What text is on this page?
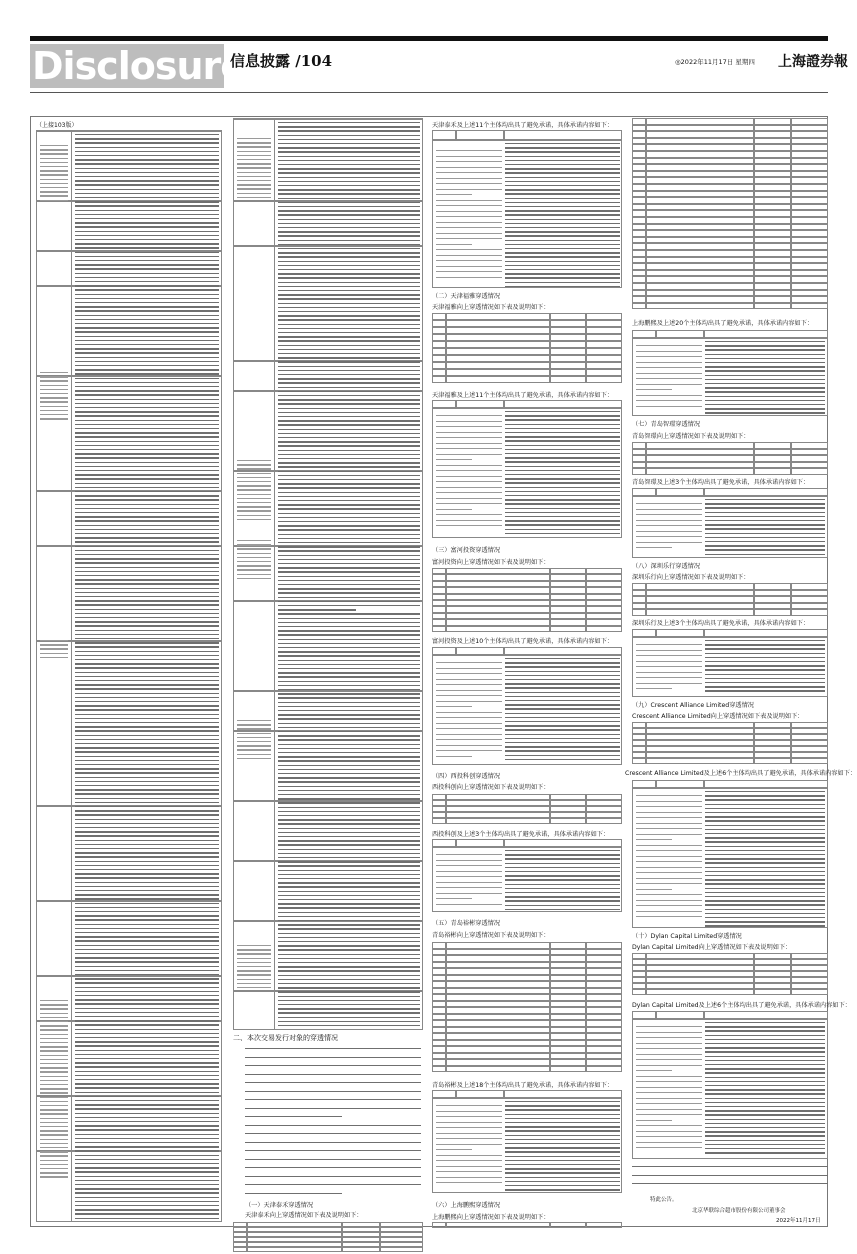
Disclosure
信息披露 /104	◎2022年11月17日 星期四 上海證券報
（上接103版）
二、本次交易发行对象的穿透情况
（一）天津泰禾穿透情况
天津泰禾向上穿透情况如下表及说明如下：
天津泰禾及上述11个主体均出具了避免承诺，具体承诺内容如下：
（二）天津福雅穿透情况
天津福雅向上穿透情况如下表及说明如下：
天津福雅及上述11个主体均出具了避免承诺，具体承诺内容如下：
（三）富河投资穿透情况
富河投资向上穿透情况如下表及说明如下：
富河投资及上述10个主体均出具了避免承诺，具体承诺内容如下：
（四）西投科创穿透情况
西投科创向上穿透情况如下表及说明如下：
西投科创及上述3个主体均出具了避免承诺，具体承诺内容如下：
（五）青岛裕彬穿透情况
青岛裕彬向上穿透情况如下表及说明如下：
青岛裕彬及上述18个主体均出具了避免承诺，具体承诺内容如下：
（六）上海鹏熙穿透情况
上海鹏熙向上穿透情况如下表及说明如下：
上海鹏熙及上述20个主体均出具了避免承诺，具体承诺内容如下：
（七）青岛智璟穿透情况
青岛智璟向上穿透情况如下表及说明如下：
青岛智璟及上述3个主体均出具了避免承诺，具体承诺内容如下：
（八）深圳乐行穿透情况
深圳乐行向上穿透情况如下表及说明如下：
深圳乐行及上述3个主体均出具了避免承诺，具体承诺内容如下：
（九）Crescent Alliance Limited穿透情况
Crescent Alliance Limited向上穿透情况如下表及说明如下：
Crescent Alliance Limited及上述6个主体均出具了避免承诺，具体承诺内容如下：
（十）Dylan Capital Limited穿透情况
Dylan Capital Limited向上穿透情况如下表及说明如下：
Dylan Capital Limited及上述6个主体均出具了避免承诺，具体承诺内容如下：
特此公告。
北京华联综合超市股份有限公司董事会
2022年11月17日
